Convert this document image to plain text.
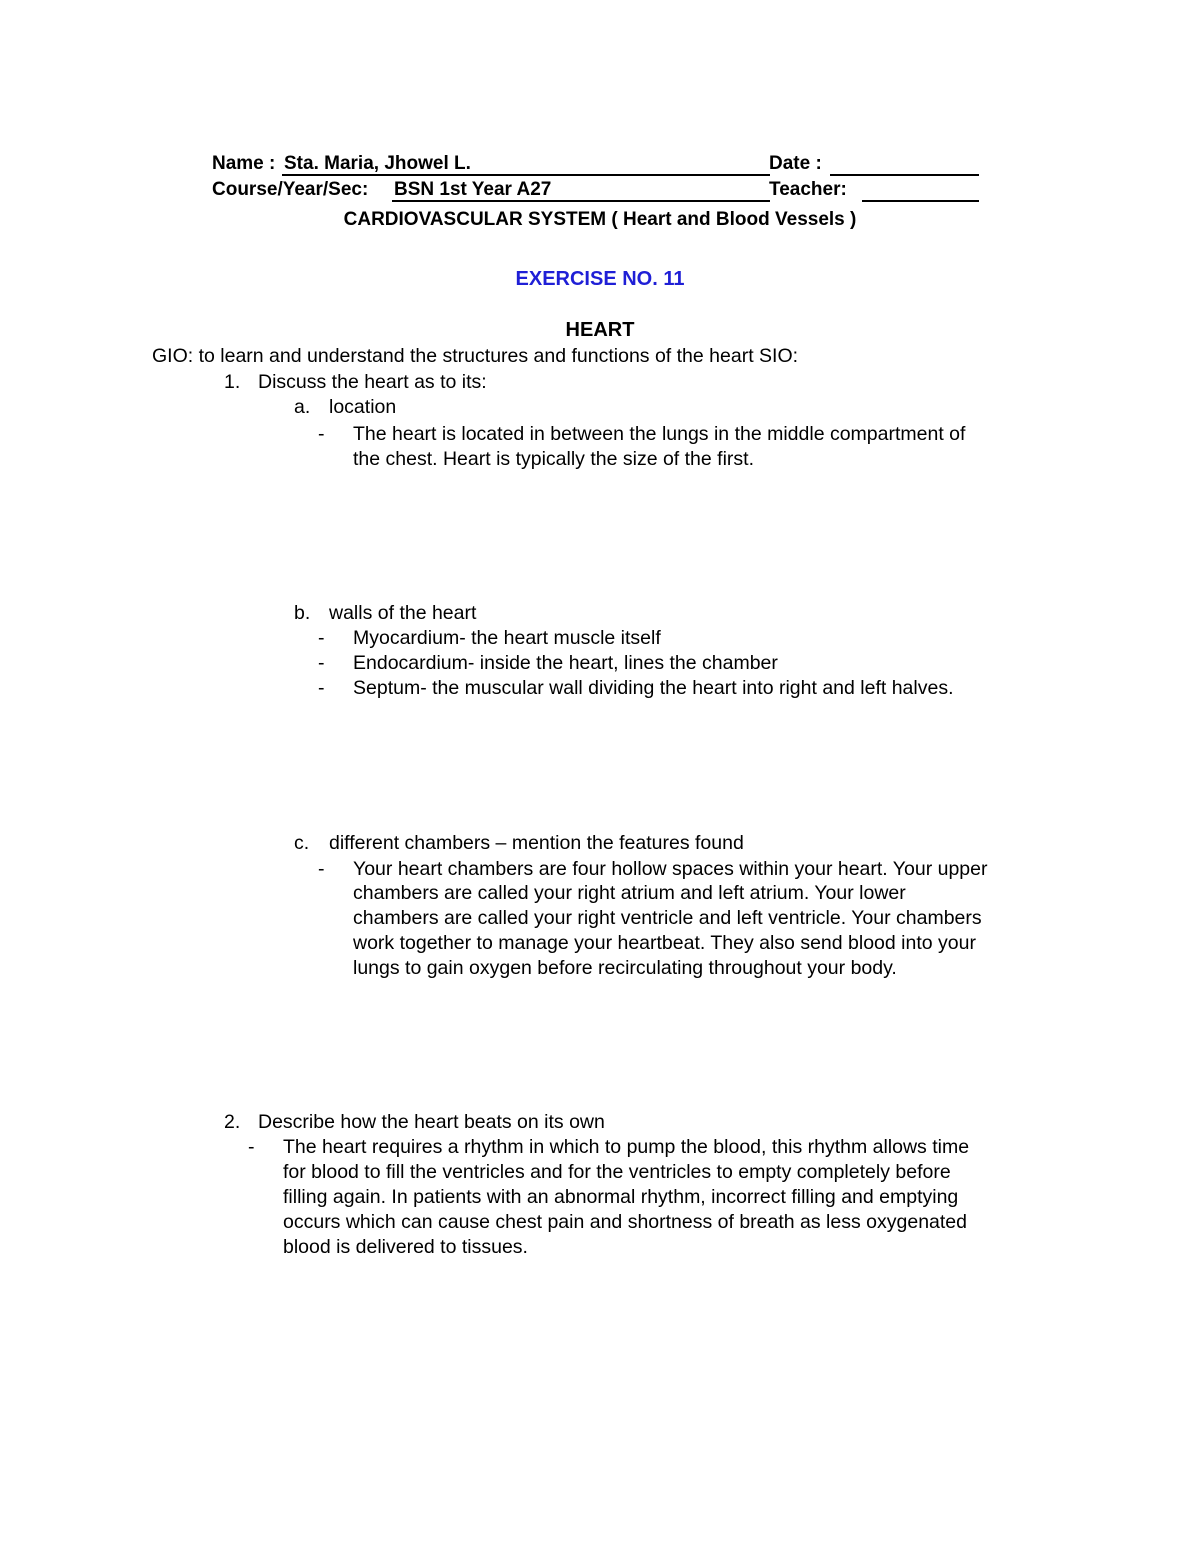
Name : Sta. Maria, Jhowel L.	Date :
Course/Year/Sec: BSN 1st Year A27	Teacher:
CARDIOVASCULAR SYSTEM ( Heart and Blood Vessels )
EXERCISE NO. 11
HEART
GIO: to learn and understand the structures and functions of the heart SIO:
1. Discuss the heart as to its:
a. location
- The heart is located in between the lungs in the middle compartment of
the chest. Heart is typically the size of the first.
b. walls of the heart
- Myocardium- the heart muscle itself
- Endocardium- inside the heart, lines the chamber
- Septum- the muscular wall dividing the heart into right and left halves.
c. different chambers – mention the features found
- Your heart chambers are four hollow spaces within your heart. Your upper
chambers are called your right atrium and left atrium. Your lower
chambers are called your right ventricle and left ventricle. Your chambers
work together to manage your heartbeat. They also send blood into your
lungs to gain oxygen before recirculating throughout your body.
2. Describe how the heart beats on its own
- The heart requires a rhythm in which to pump the blood, this rhythm allows time
for blood to fill the ventricles and for the ventricles to empty completely before
filling again. In patients with an abnormal rhythm, incorrect filling and emptying
occurs which can cause chest pain and shortness of breath as less oxygenated
blood is delivered to tissues.
